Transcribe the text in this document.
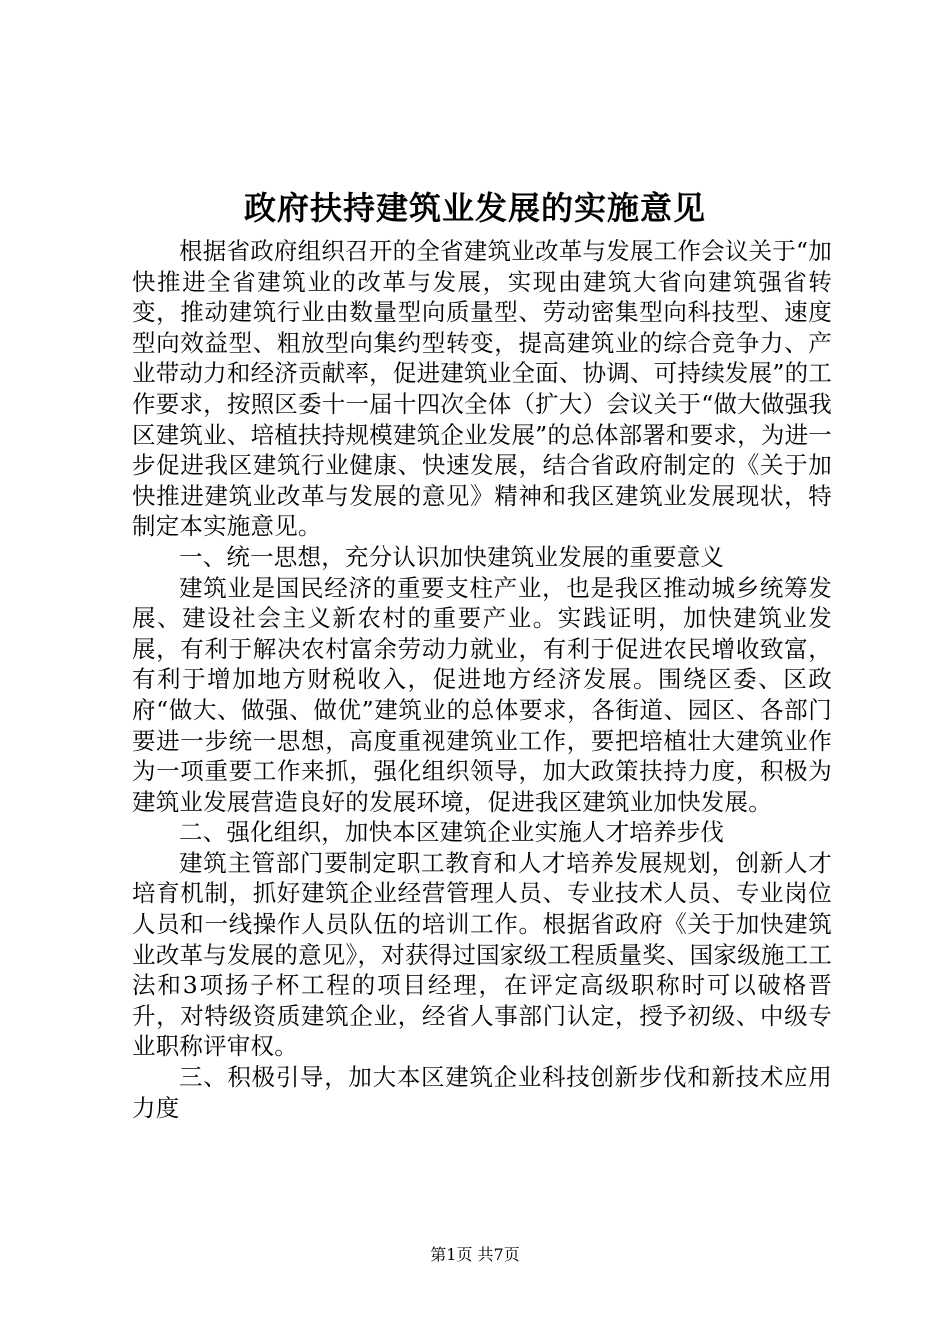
政府扶持建筑业发展的实施意见

根据省政府组织召开的全省建筑业改革与发展工作会议关于“加快推进全省建筑业的改革与发展，实现由建筑大省向建筑强省转变，推动建筑行业由数量型向质量型、劳动密集型向科技型、速度型向效益型、粗放型向集约型转变，提高建筑业的综合竞争力、产业带动力和经济贡献率，促进建筑业全面、协调、可持续发展”的工作要求，按照区委十一届十四次全体（扩大）会议关于“做大做强我区建筑业、培植扶持规模建筑企业发展”的总体部署和要求，为进一步促进我区建筑行业健康、快速发展，结合省政府制定的《关于加快推进建筑业改革与发展的意见》精神和我区建筑业发展现状，特制定本实施意见。

一、统一思想，充分认识加快建筑业发展的重要意义

建筑业是国民经济的重要支柱产业，也是我区推动城乡统筹发展、建设社会主义新农村的重要产业。实践证明，加快建筑业发展，有利于解决农村富余劳动力就业，有利于促进农民增收致富，有利于增加地方财税收入，促进地方经济发展。围绕区委、区政府“做大、做强、做优”建筑业的总体要求，各街道、园区、各部门要进一步统一思想，高度重视建筑业工作，要把培植壮大建筑业作为一项重要工作来抓，强化组织领导，加大政策扶持力度，积极为建筑业发展营造良好的发展环境，促进我区建筑业加快发展。

二、强化组织，加快本区建筑企业实施人才培养步伐

建筑主管部门要制定职工教育和人才培养发展规划，创新人才培育机制，抓好建筑企业经营管理人员、专业技术人员、专业岗位人员和一线操作人员队伍的培训工作。根据省政府《关于加快建筑业改革与发展的意见》，对获得过国家级工程质量奖、国家级施工工法和3项扬子杯工程的项目经理，在评定高级职称时可以破格晋升，对特级资质建筑企业，经省人事部门认定，授予初级、中级专业职称评审权。

三、积极引导，加大本区建筑企业科技创新步伐和新技术应用力度

第1页 共7页
